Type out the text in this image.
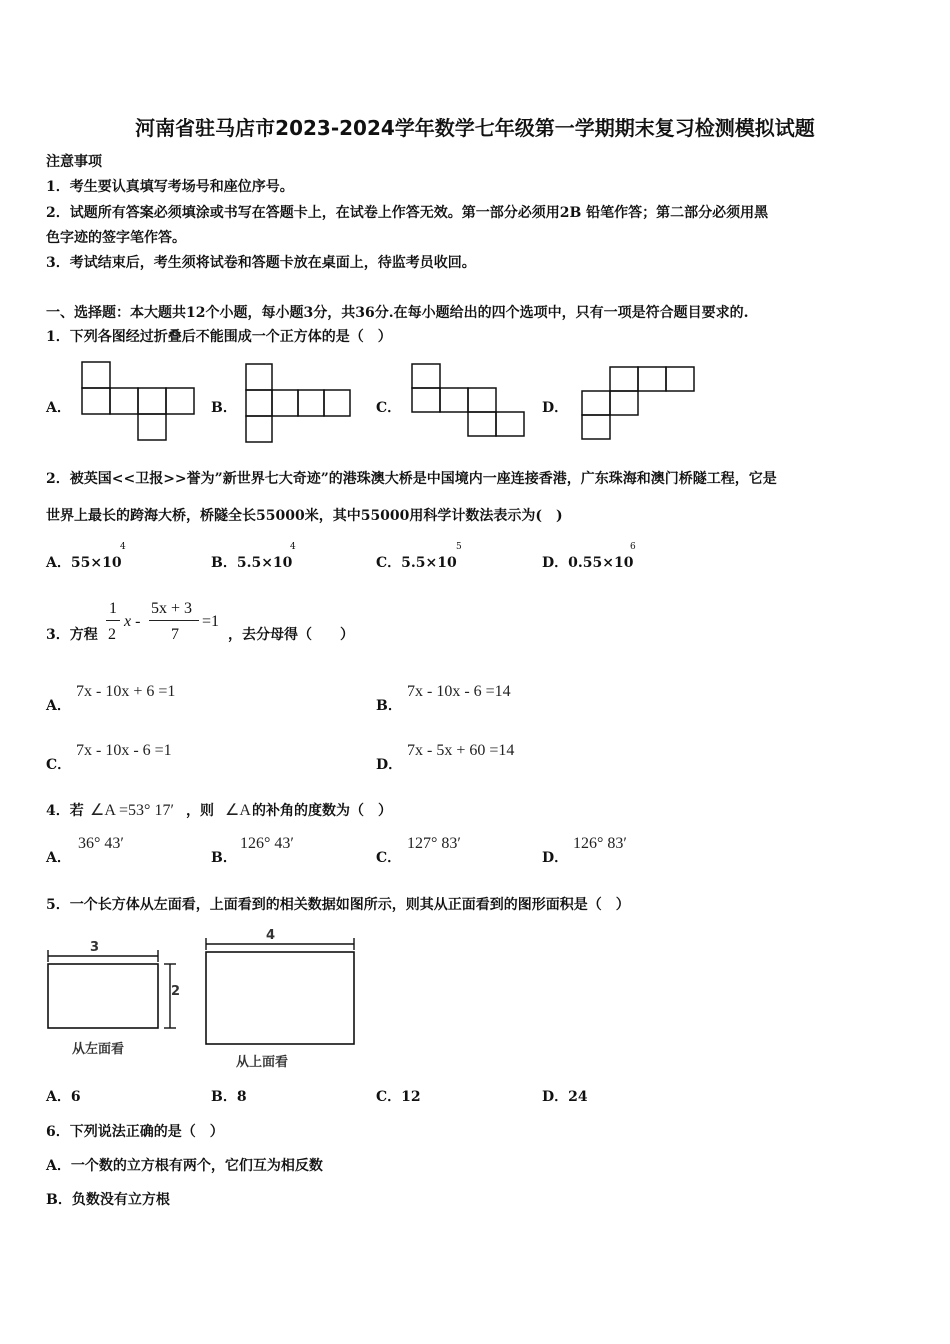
河南省驻马店市2023-2024学年数学七年级第一学期期末复习检测模拟试题
注意事项
1．考生要认真填写考场号和座位序号。
2．试题所有答案必须填涂或书写在答题卡上，在试卷上作答无效。第一部分必须用2B 铅笔作答；第二部分必须用黑
色字迹的签字笔作答。
3．考试结束后，考生须将试卷和答题卡放在桌面上，待监考员收回。
一、选择题：本大题共12个小题，每小题3分，共36分.在每小题给出的四个选项中，只有一项是符合题目要求的.
1．下列各图经过折叠后不能围成一个正方体的是（　）
A．	B．	C．	D．
2．被英国<<卫报>>誉为”新世界七大奇迹”的港珠澳大桥是中国境内一座连接香港，广东珠海和澳门桥隧工程，它是
世界上最长的跨海大桥，桥隧全长55000米，其中55000用科学计数法表示为(　)
A．55×10
4
B．5.5×10
4
C．5.5×10
5
D．0.55×10
6
3．方程
1
2
x -
5x + 3
7
=1
，去分母得（　　）
A．
7x - 10x + 6 =1
B．
7x - 10x - 6 =14
C．
7x - 10x - 6 =1
D．
7x - 5x + 60 =14
4．若 ∠A =53° 17′ ，则 ∠A 的补角的度数为（　）
A．
36° 43′
B．
126° 43′
C．
127° 83′
D．
126° 83′
5．一个长方体从左面看，上面看到的相关数据如图所示，则其从正面看到的图形面积是（　）
3
2
从左面看
4
从上面看
A．6	B．8	C．12	D．24
6．下列说法正确的是（　）
A．一个数的立方根有两个，它们互为相反数
B．负数没有立方根
